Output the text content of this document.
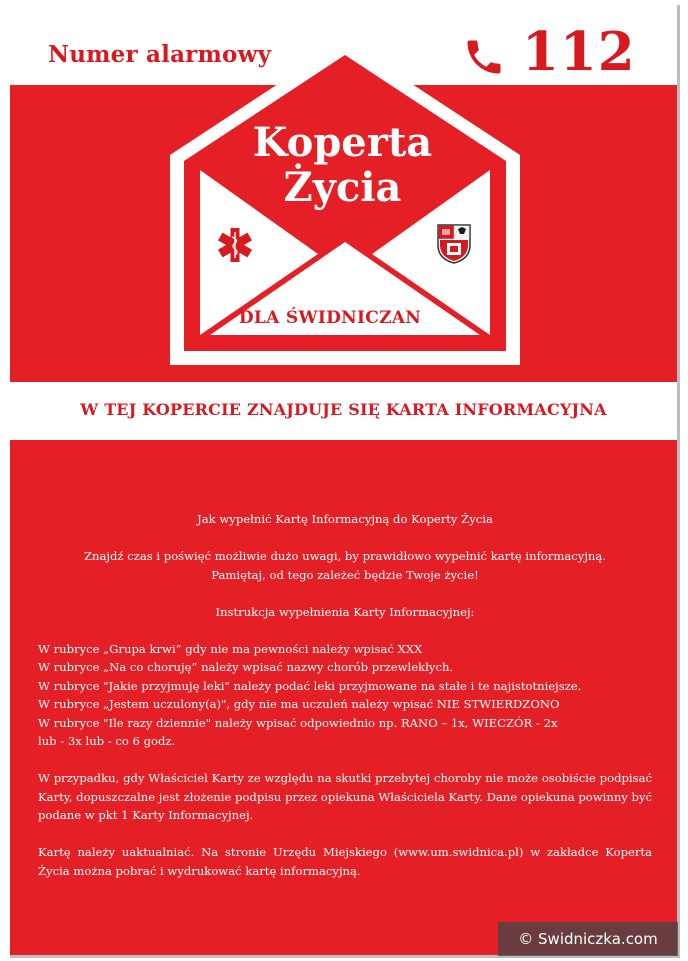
Numer alarmowy	112
Koperta
Życia
DLA ŚWIDNICZAN
W TEJ KOPERCIE ZNAJDUJE SIĘ KARTA INFORMACYJNA

Jak wypełnić Kartę Informacyjną do Koperty Życia

Znajdź czas i poświęć możliwie dużo uwagi, by prawidłowo wypełnić kartę informacyjną.

Pamiętaj, od tego zależeć będzie Twoje życie!

Instrukcja wypełnienia Karty Informacyjnej:

W rubryce „Grupa krwi” gdy nie ma pewności należy wpisać XXX

W rubryce „Na co choruję” należy wpisać nazwy chorób przewlekłych.

W rubryce "Jakie przyjmuję leki" należy podać leki przyjmowane na stałe i te najistotniejsze.

W rubryce „Jestem uczulony(a)", gdy nie ma uczuleń należy wpisać NIE STWIERDZONO

W rubryce "Ile razy dziennie" należy wpisać odpowiednio np. RANO – 1x, WIECZÓR - 2x

lub - 3x lub - co 6 godz.

W przypadku, gdy Właściciel Karty ze względu na skutki przebytej choroby nie może osobiście podpisać Karty, dopuszczalne jest złożenie podpisu przez opiekuna Właściciela Karty. Dane opiekuna powinny być podane w pkt 1 Karty Informacyjnej.

Kartę należy uaktualniać. Na stronie Urzędu Miejskiego (www.um.swidnica.pl) w zakładce Koperta Życia można pobrać i wydrukować kartę informacyjną.

© Swidniczka.com
